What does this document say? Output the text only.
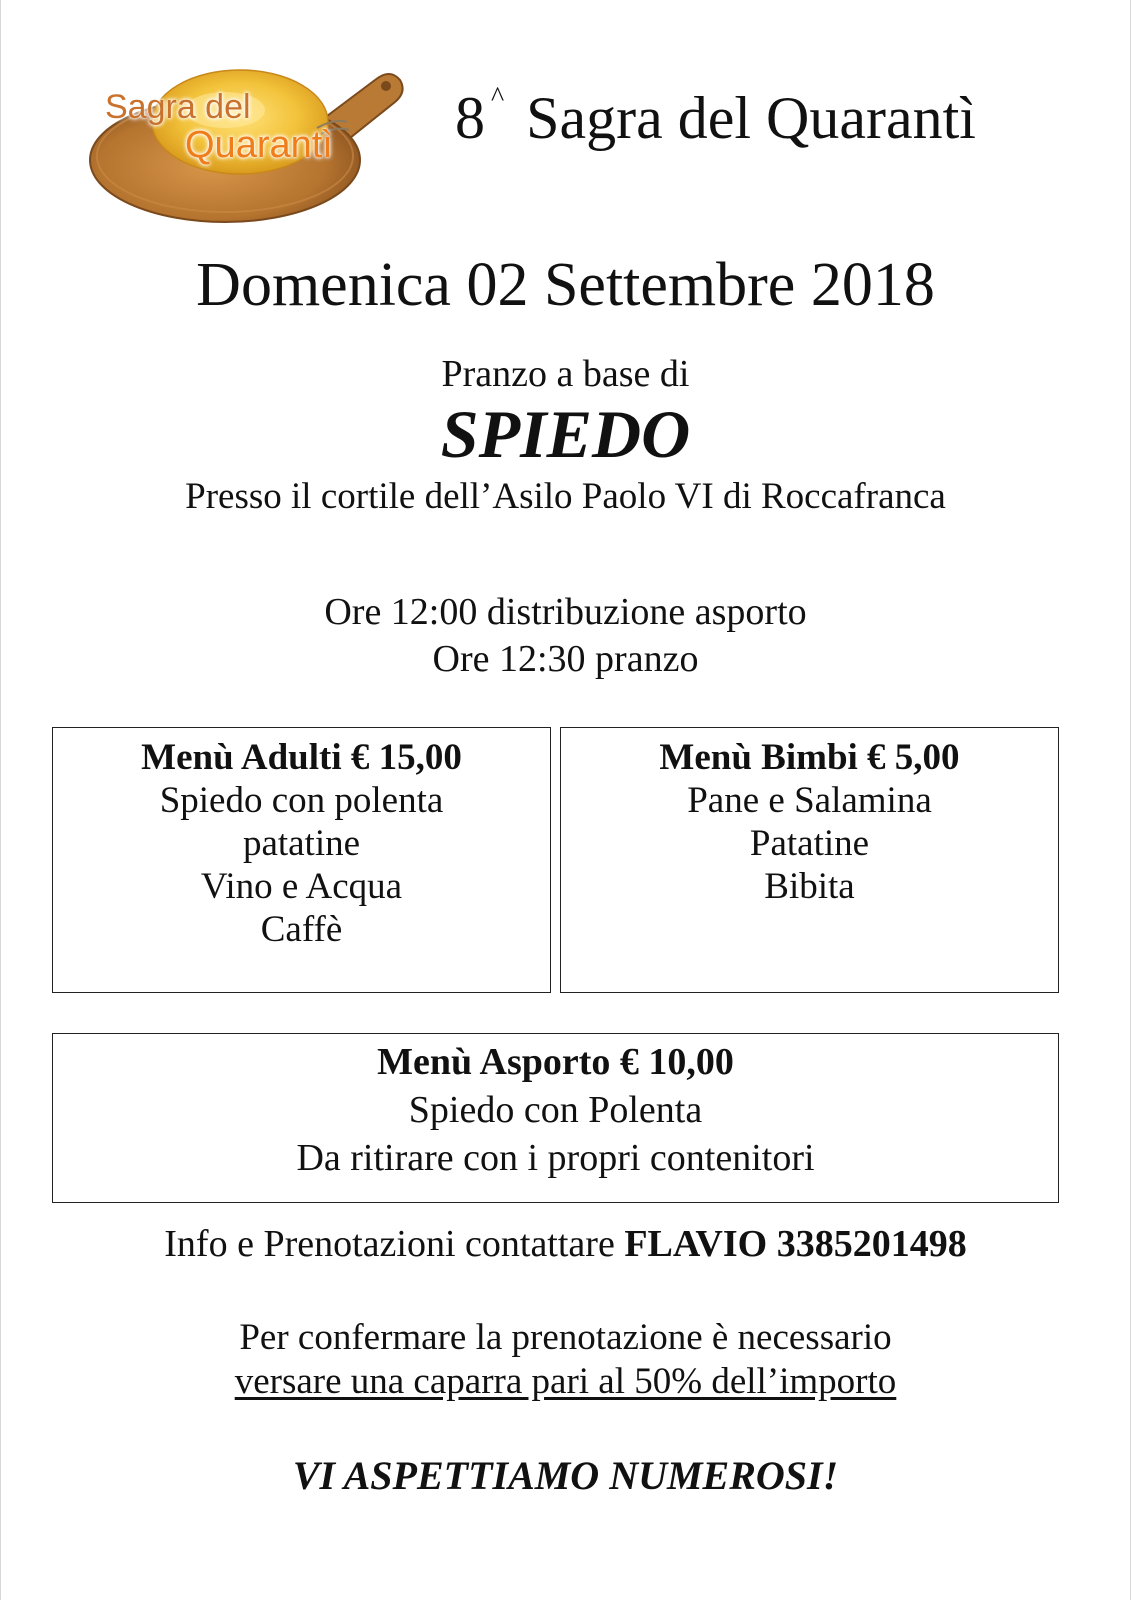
Sagra del
Quarantì 8 ^ Sagra del Quarantì
Domenica 02 Settembre 2018
Pranzo a base di
SPIEDO
Presso il cortile dell’Asilo Paolo VI di Roccafranca
Ore 12:00 distribuzione asporto
Ore 12:30 pranzo
Menù Adulti € 15,00
Spiedo con polenta
patatine
Vino e Acqua
Caffè
Menù Bimbi € 5,00
Pane e Salamina
Patatine
Bibita
Menù Asporto € 10,00
Spiedo con Polenta
Da ritirare con i propri contenitori
Info e Prenotazioni contattare FLAVIO 3385201498
Per confermare la prenotazione è necessario
versare una caparra pari al 50% dell’importo
VI ASPETTIAMO NUMEROSI!
